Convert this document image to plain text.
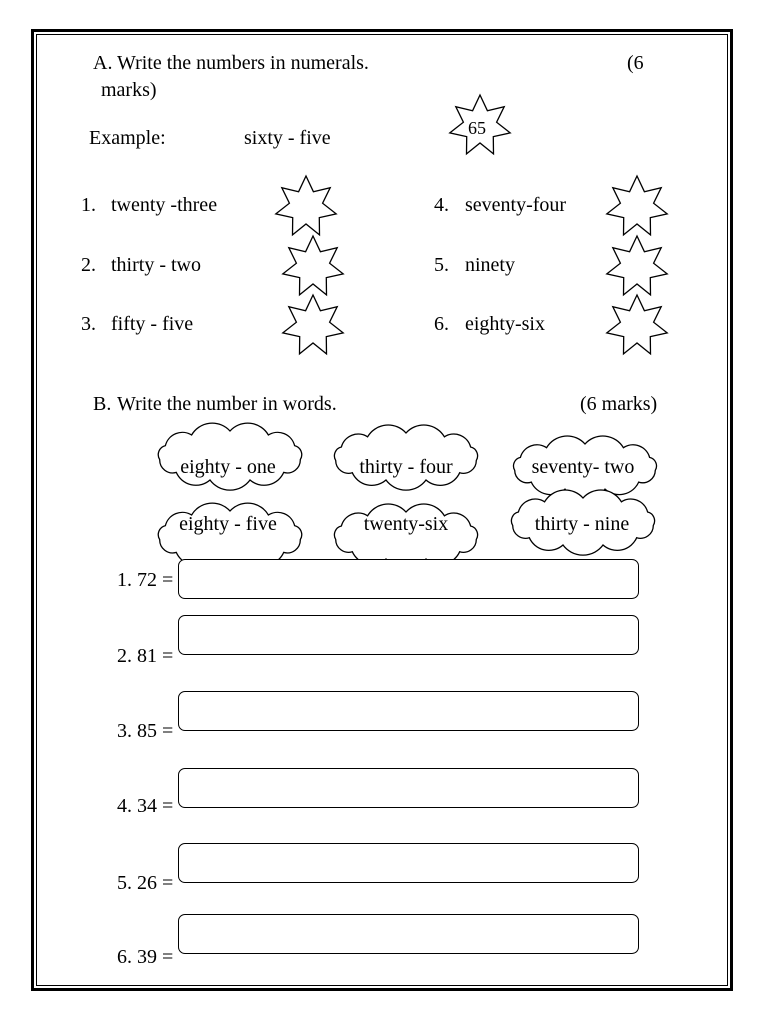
A. Write the numbers in numerals.	(6
marks)
Example:	sixty - five	65
1. twenty -three
2. thirty - two
3. fifty - five
4. seventy-four
5. ninety
6. eighty-six
B. Write the number in words.	(6 marks)
eighty - one	thirty - four	seventy- two
eighty - five	twenty-six	thirty - nine
1. 72 =
2. 81 =
3. 85 =
4. 34 =
5. 26 =
6. 39 =
